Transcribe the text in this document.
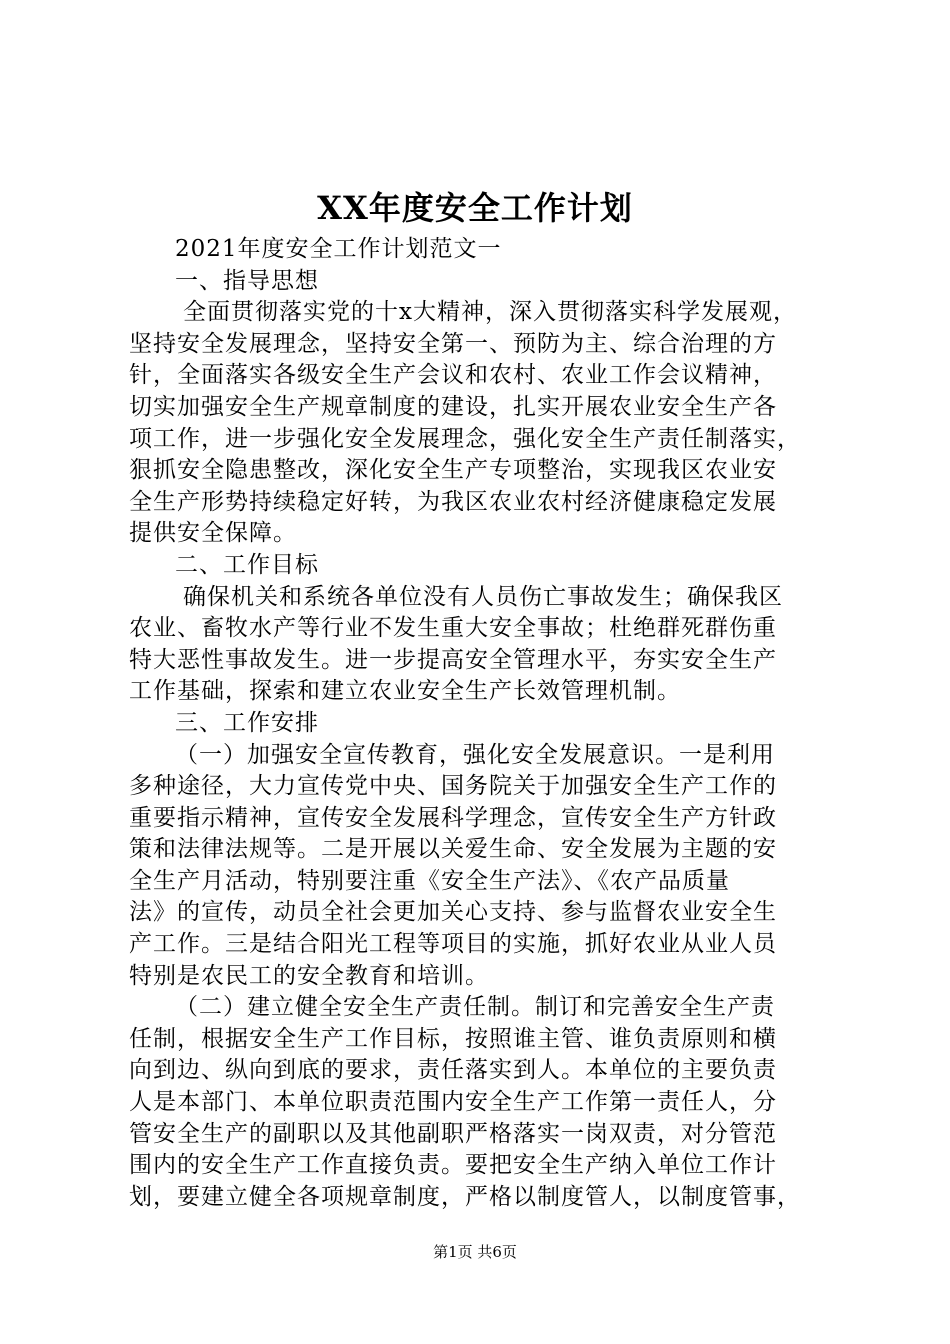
XX年度安全工作计划
2021年度安全工作计划范文一
一、指导思想
全面贯彻落实党的十x大精神，深入贯彻落实科学发展观，
坚持安全发展理念，坚持安全第一、预防为主、综合治理的方
针，全面落实各级安全生产会议和农村、农业工作会议精神，
切实加强安全生产规章制度的建设，扎实开展农业安全生产各
项工作，进一步强化安全发展理念，强化安全生产责任制落实，
狠抓安全隐患整改，深化安全生产专项整治，实现我区农业安
全生产形势持续稳定好转，为我区农业农村经济健康稳定发展
提供安全保障。
二、工作目标
确保机关和系统各单位没有人员伤亡事故发生；确保我区
农业、畜牧水产等行业不发生重大安全事故；杜绝群死群伤重
特大恶性事故发生。进一步提高安全管理水平，夯实安全生产
工作基础，探索和建立农业安全生产长效管理机制。
三、工作安排
（一）加强安全宣传教育，强化安全发展意识。一是利用
多种途径，大力宣传党中央、国务院关于加强安全生产工作的
重要指示精神，宣传安全发展科学理念，宣传安全生产方针政
策和法律法规等。二是开展以关爱生命、安全发展为主题的安
全生产月活动，特别要注重《安全生产法》、《农产品质量
法》的宣传，动员全社会更加关心支持、参与监督农业安全生
产工作。三是结合阳光工程等项目的实施，抓好农业从业人员
特别是农民工的安全教育和培训。
（二）建立健全安全生产责任制。制订和完善安全生产责
任制，根据安全生产工作目标，按照谁主管、谁负责原则和横
向到边、纵向到底的要求，责任落实到人。本单位的主要负责
人是本部门、本单位职责范围内安全生产工作第一责任人，分
管安全生产的副职以及其他副职严格落实一岗双责，对分管范
围内的安全生产工作直接负责。要把安全生产纳入单位工作计
划，要建立健全各项规章制度，严格以制度管人，以制度管事，
第1页 共6页
